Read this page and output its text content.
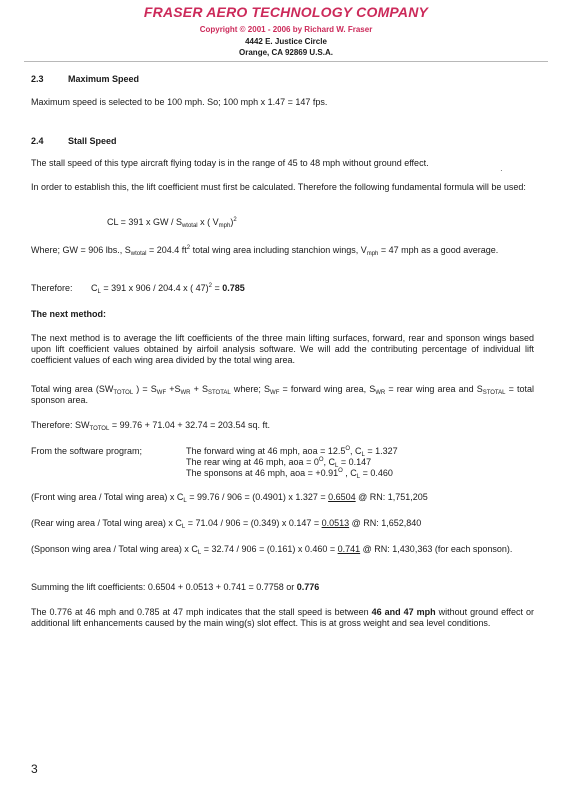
FRASER AERO TECHNOLOGY COMPANY
Copyright © 2001 - 2006 by Richard W. Fraser
4442 E. Justice Circle
Orange, CA 92869 U.S.A.
2.3	Maximum Speed
Maximum speed is selected to be 100 mph. So; 100 mph x 1.47 = 147 fps.
2.4	Stall Speed
The stall speed of this type aircraft flying today is in the range of 45 to 48 mph without ground effect.
·
In order to establish this, the lift coefficient must first be calculated. Therefore the following fundamental formula will be used:
CL = 391 x GW / $S_{wtotal}$ x ( $V_{mph})^2$
Where; GW = 906 lbs., $S_{wtotal} = 204.4$ $ft^2$ total wing area including stanchion wings, $V_{mph} = 47$ mph as a good average.
Therefore: $C_L = 391$ x 906 / 204.4 x ( 47)$^2$ = 0.785
The next method:
The next method is to average the lift coefficients of the three main lifting surfaces, forward, rear and sponson wings based upon lift coefficient values obtained by airfoil analysis software. We will add the contributing percentage of individual lift coefficient values of each wing area divided by the total wing area.
Total wing area ($SW_{TOTOL}$ ) = $S_{WF} +S_{WR} + S_{STOTAL}$ where; $S_{WF}$ = forward wing area, $S_{WR}$ = rear wing area and $S_{STOTAL}$ = total sponson area.
Therefore: $SW_{TOTOL} = 99.76 + 71.04 + 32.74 = 203.54$ sq. ft.
From the software program;	The forward wing at 46 mph, aoa = $12.5^O$, $C_L = 1.327$
The rear wing at 46 mph, aoa = $0^O$, $C_L = 0.147$
The sponsons at 46 mph, aoa = $+0.91^O$ , $C_L = 0.460$
(Front wing area / Total wing area) x $C_L = 99.76 / 906 = (0.4901)$ x 1.327 = 0.6504 @ RN: 1,751,205
(Rear wing area / Total wing area) x $C_L = 71.04 / 906 = (0.349)$ x 0.147 = 0.0513 @ RN: 1,652,840
(Sponson wing area / Total wing area) x $C_L = 32.74 / 906 = (0.161)$ x 0.460 = 0.741 @ RN: 1,430,363 (for each sponson).
Summing the lift coefficients: 0.6504 + 0.0513 + 0.741 = 0.7758 or 0.776
The 0.776 at 46 mph and 0.785 at 47 mph indicates that the stall speed is between 46 and 47 mph without ground effect or additional lift enhancements caused by the main wing(s) slot effect. This is at gross weight and sea level conditions.
3
